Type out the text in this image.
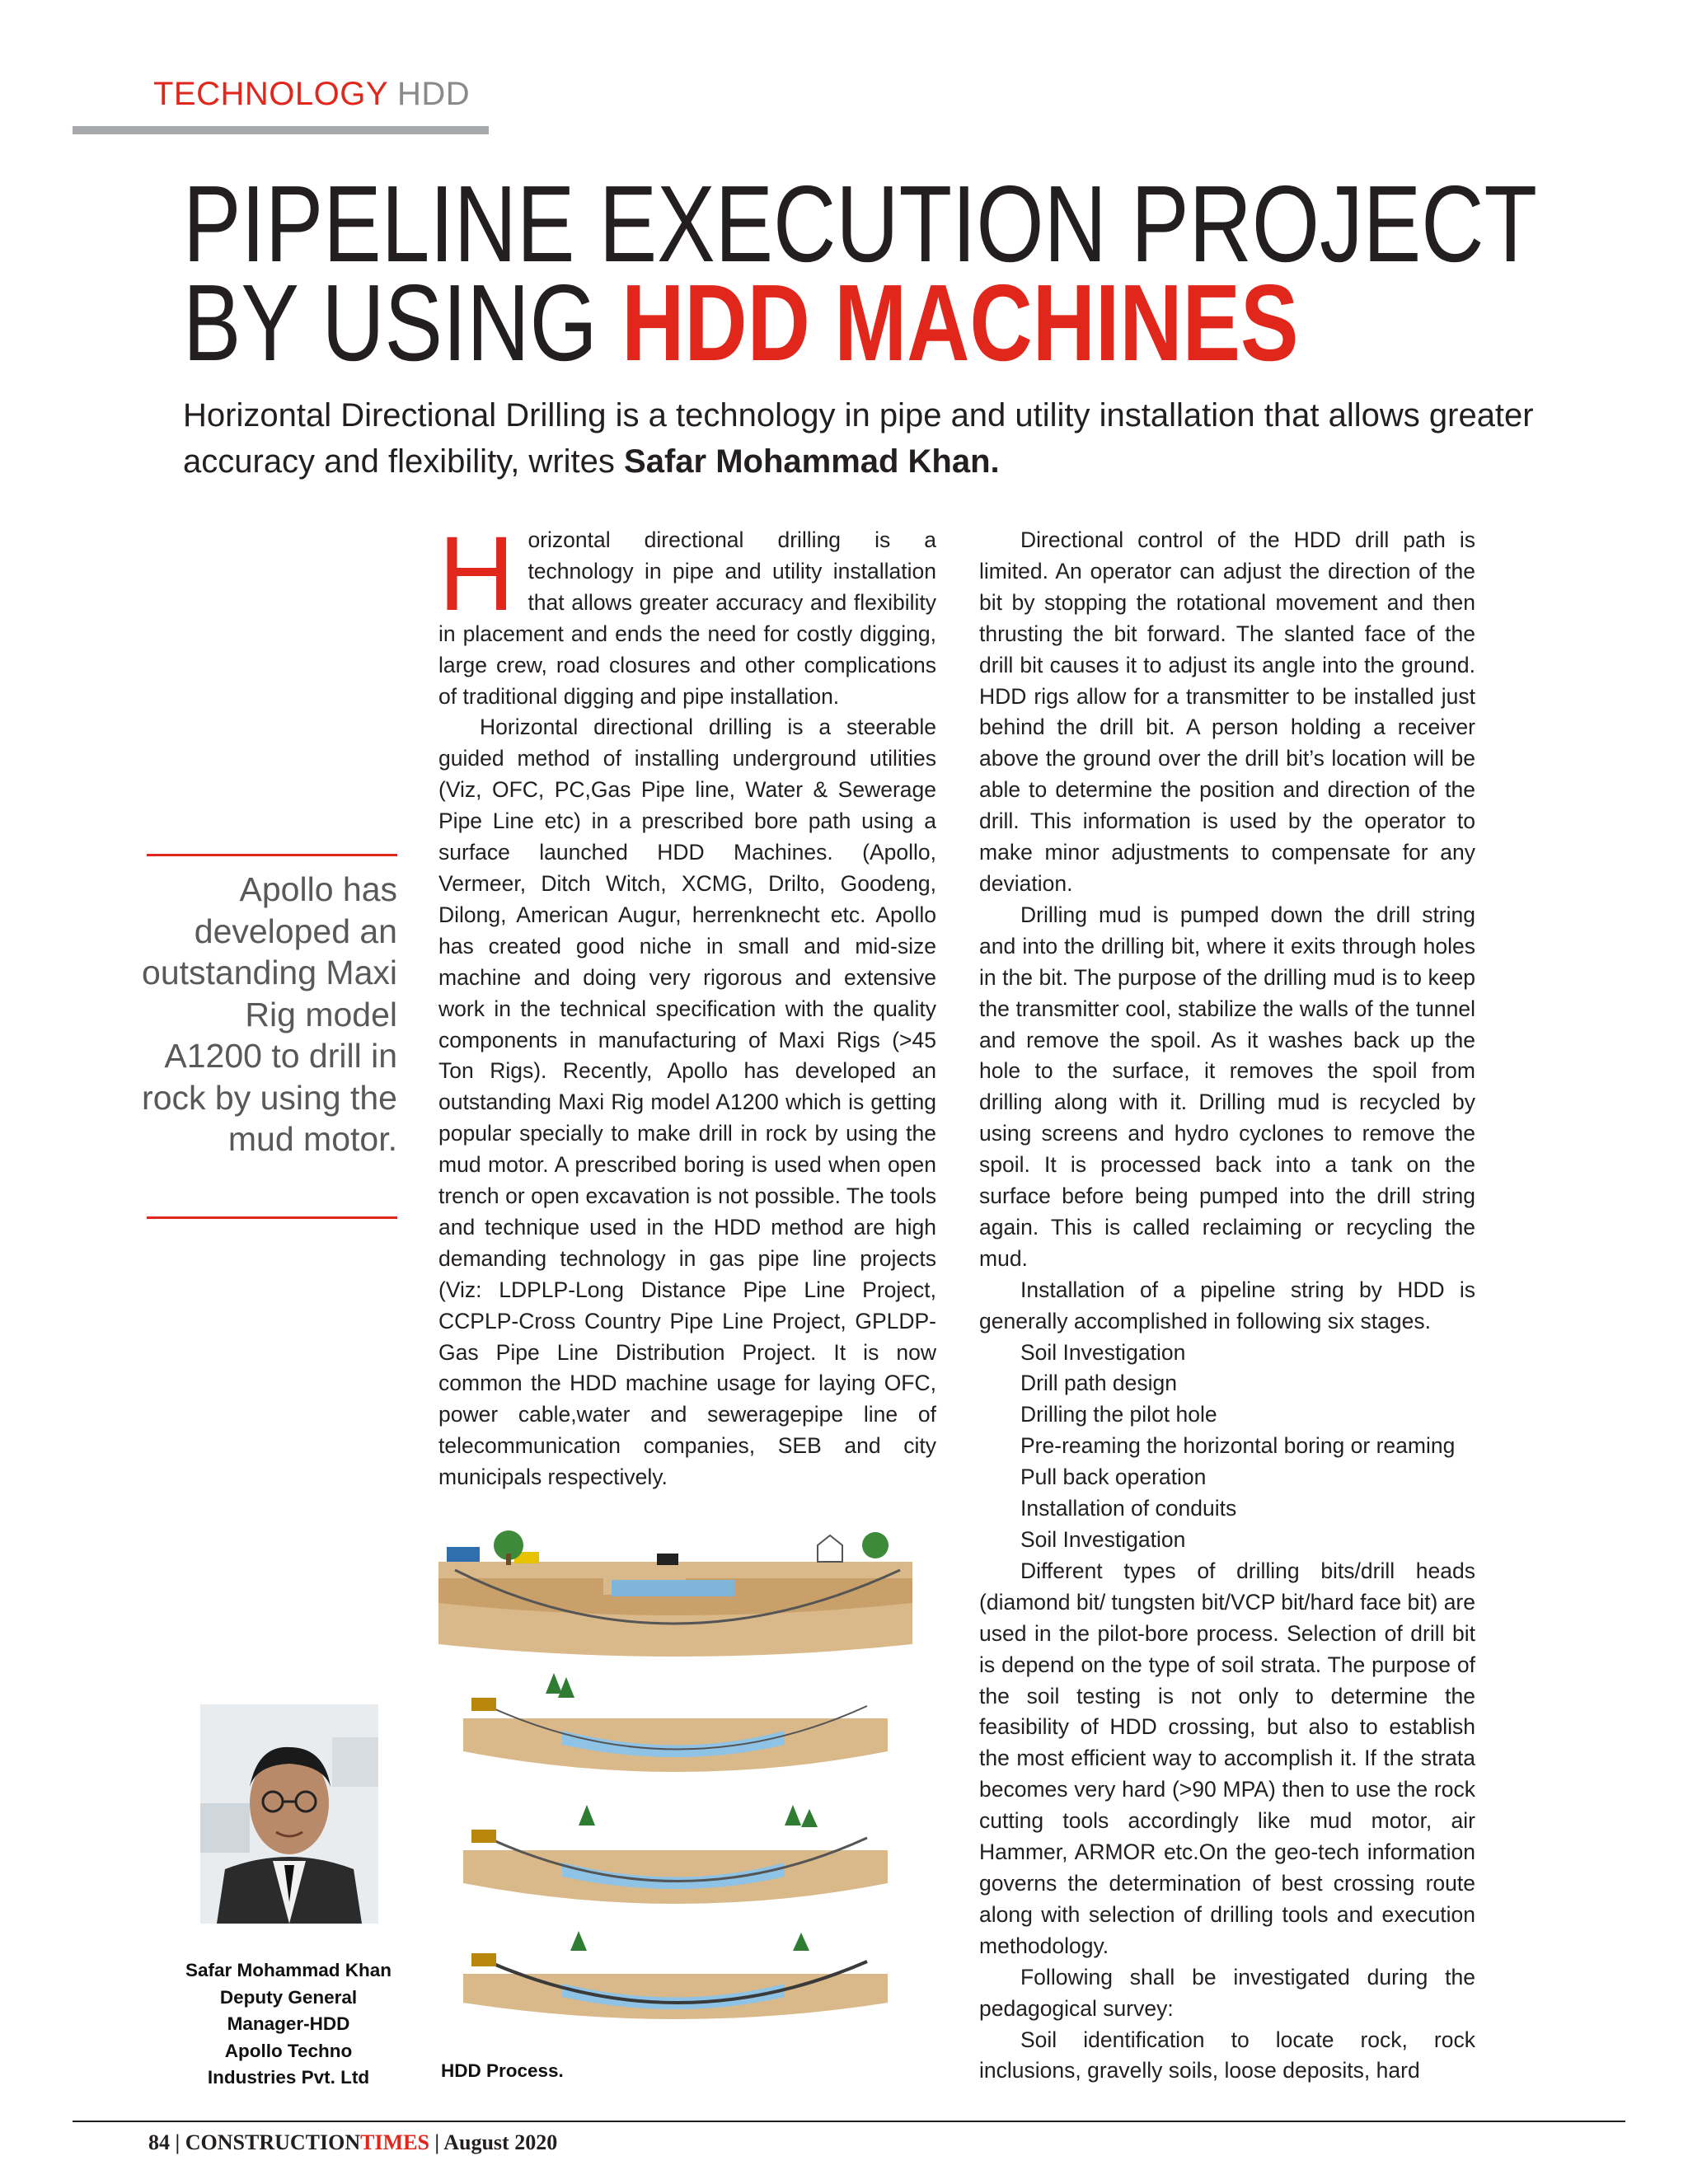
TECHNOLOGY HDD
PIPELINE EXECUTION PROJECT
BY USING HDD MACHINES
Horizontal Directional Drilling is a technology in pipe and utility installation that allows greater accuracy and flexibility, writes Safar Mohammad Khan.

Horizontal directional drilling is a technology in pipe and utility installation that allows greater accuracy and flexibility in placement and ends the need for costly digging, large crew, road closures and other complications of traditional digging and pipe installation.

Horizontal directional drilling is a steerable guided method of installing underground utilities (Viz, OFC, PC,Gas Pipe line, Water & Sewerage Pipe Line etc) in a prescribed bore path using a surface launched HDD Machines. (Apollo, Vermeer, Ditch Witch, XCMG, Drilto, Goodeng, Dilong, American Augur, herrenknecht etc. Apollo has created good niche in small and mid-size machine and doing very rigorous and extensive work in the technical specification with the quality components in manufacturing of Maxi Rigs (>45 Ton Rigs). Recently, Apollo has developed an outstanding Maxi Rig model A1200 which is getting popular specially to make drill in rock by using the mud motor. A prescribed boring is used when open trench or open excavation is not possible. The tools and technique used in the HDD method are high demanding technology in gas pipe line projects (Viz: LDPLP-Long Distance Pipe Line Project, CCPLP-Cross Country Pipe Line Project, GPLDP-Gas Pipe Line Distribution Project. It is now common the HDD machine usage for laying OFC, power cable,water and seweragepipe line of telecommunication companies, SEB and city municipals respectively.

Directional control of the HDD drill path is limited. An operator can adjust the direction of the bit by stopping the rotational movement and then thrusting the bit forward. The slanted face of the drill bit causes it to adjust its angle into the ground. HDD rigs allow for a transmitter to be installed just behind the drill bit. A person holding a receiver above the ground over the drill bit’s location will be able to determine the position and direction of the drill. This information is used by the operator to make minor adjustments to compensate for any deviation.

Drilling mud is pumped down the drill string and into the drilling bit, where it exits through holes in the bit. The purpose of the drilling mud is to keep the transmitter cool, stabilize the walls of the tunnel and remove the spoil. As it washes back up the hole to the surface, it removes the spoil from drilling along with it. Drilling mud is recycled by using screens and hydro cyclones to remove the spoil. It is processed back into a tank on the surface before being pumped into the drill string again. This is called reclaiming or recycling the mud.

Installation of a pipeline string by HDD is generally accomplished in following six stages.

Soil Investigation

Drill path design

Drilling the pilot hole

Pre-reaming the horizontal boring or reaming

Pull back operation

Installation of conduits

Soil Investigation

Different types of drilling bits/drill heads (diamond bit/ tungsten bit/VCP bit/hard face bit) are used in the pilot-bore process. Selection of drill bit is depend on the type of soil strata. The purpose of the soil testing is not only to determine the feasibility of HDD crossing, but also to establish the most efficient way to accomplish it. If the strata becomes very hard (>90 MPA) then to use the rock cutting tools accordingly like mud motor, air Hammer, ARMOR etc.On the geo-tech information governs the determination of best crossing route along with selection of drilling tools and execution methodology.

Following shall be investigated during the pedagogical survey:

Soil identification to locate rock, rock inclusions, gravelly soils, loose deposits, hard

Apollo has developed an outstanding Maxi Rig model A1200 to drill in rock by using the mud motor.
HDD Process.
Safar Mohammad Khan
Deputy General
Manager-HDD
Apollo Techno
Industries Pvt. Ltd
84 | CONSTRUCTIONTIMES | August 2020
